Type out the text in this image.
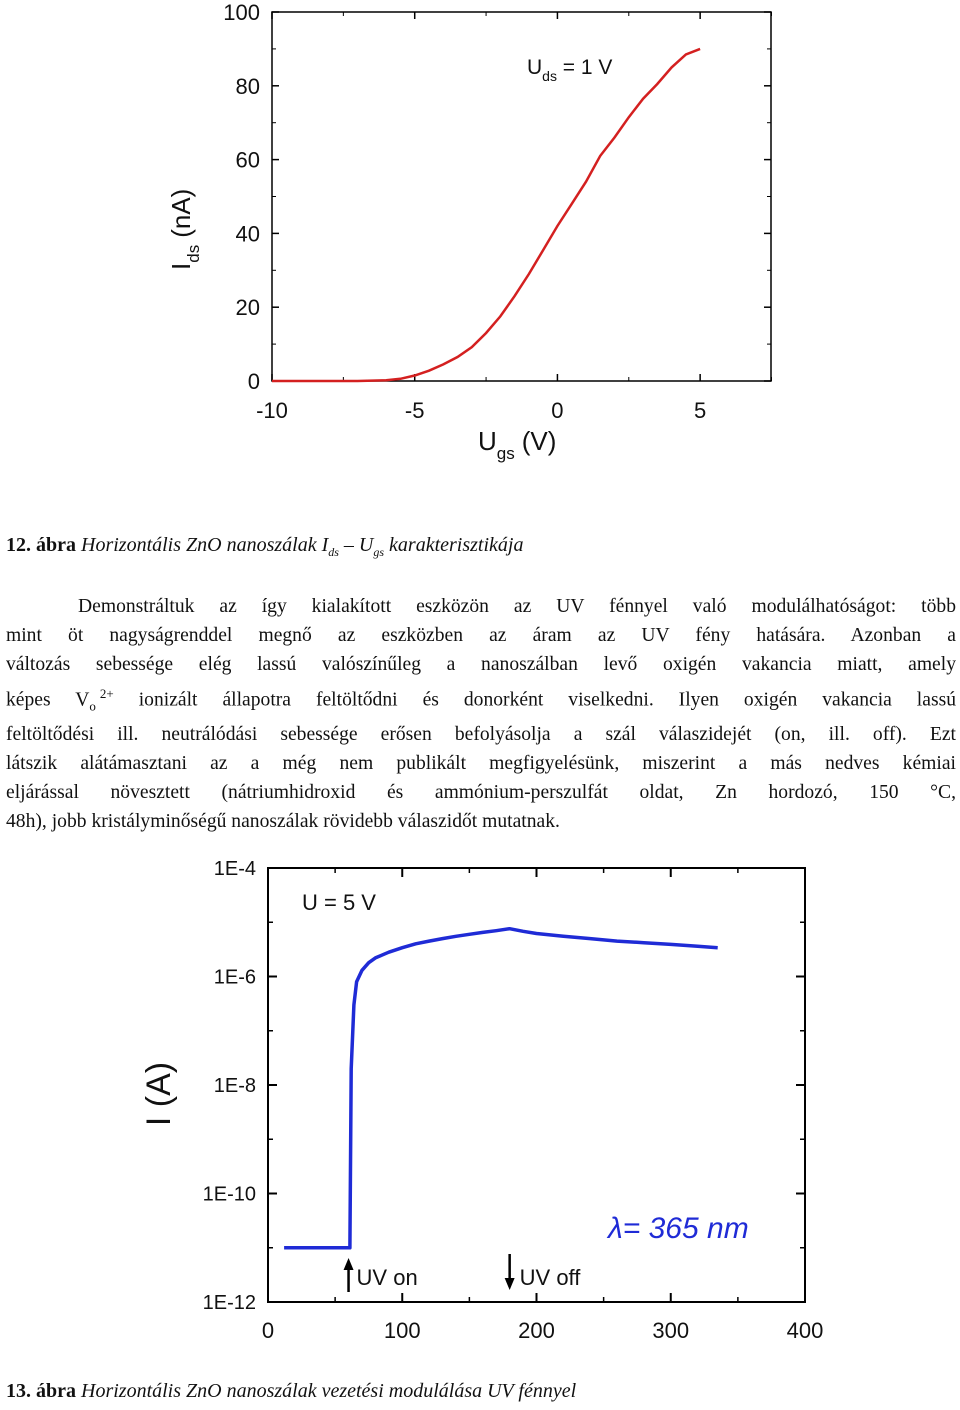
0
20
40
60
80
100
-10	-5	0	5
$U_{ds} = 1$ V
$U_{gs}$ (V)
$I_{ds}(nA)$
12. ábra Horizontális ZnO nanoszálak $I_{ds} - U_{gs}$ karakterisztikája
Demonstráltuk az így kialakított eszközön az UV fénnyel való modulálhatóságot: több
mint öt nagyságrenddel megnő az eszközben az áram az UV fény hatására. Azonban a
változás sebessége elég lassú valószínűleg a nanoszálban levő oxigén vakancia miatt, amely
képes $V_o^{2+}$ ionizált állapotra feltöltődni és donorként viselkedni. Ilyen oxigén vakancia lassú
feltöltődési ill. neutrálódási sebessége erősen befolyásolja a szál válaszidejét (on, ill. off). Ezt
látszik alátámasztani az a még nem publikált megfigyelésünk, miszerint a más nedves kémiai
eljárással növesztett (nátriumhidroxid és ammónium-perszulfát oldat, Zn hordozó, 150 °C,
48h), jobb kristályminőségű nanoszálak rövidebb válaszidőt mutatnak.
1E-12
1E-10
1E-8
1E-6
1E-4
0	100	200	300	400
UV on	UV off
U = 5 V
λ= 365 nm
I (A)
13. ábra Horizontális ZnO nanoszálak vezetési modulálása UV fénnyel
